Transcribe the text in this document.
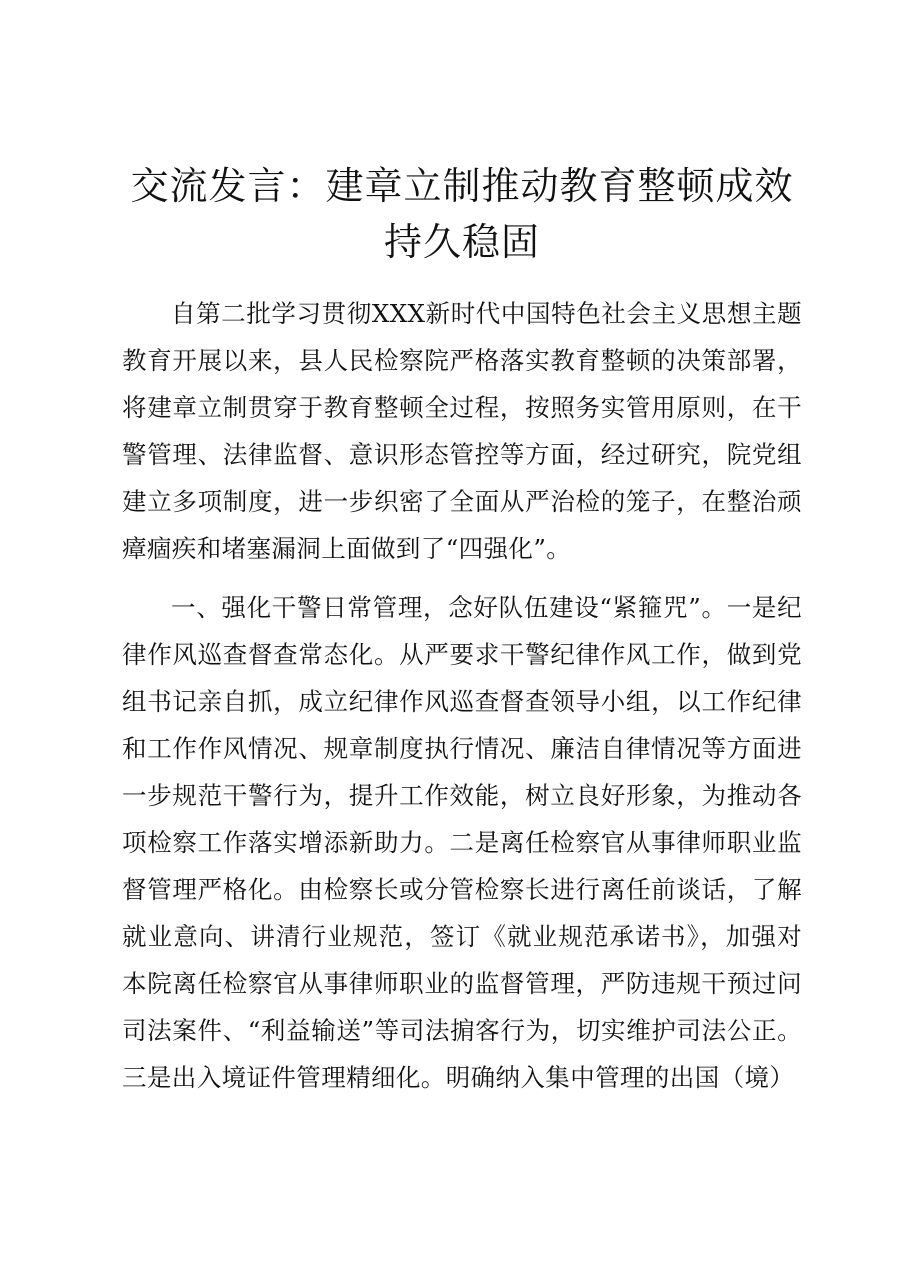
交流发言：建章立制推动教育整顿成效持久稳固

自第二批学习贯彻XXX新时代中国特色社会主义思想主题教育开展以来，县人民检察院严格落实教育整顿的决策部署，将建章立制贯穿于教育整顿全过程，按照务实管用原则，在干警管理、法律监督、意识形态管控等方面，经过研究，院党组建立多项制度，进一步织密了全面从严治检的笼子，在整治顽瘴痼疾和堵塞漏洞上面做到了“四强化”。

一、强化干警日常管理，念好队伍建设“紧箍咒”。一是纪律作风巡查督查常态化。从严要求干警纪律作风工作，做到党组书记亲自抓，成立纪律作风巡查督查领导小组，以工作纪律和工作作风情况、规章制度执行情况、廉洁自律情况等方面进一步规范干警行为，提升工作效能，树立良好形象，为推动各项检察工作落实增添新助力。二是离任检察官从事律师职业监督管理严格化。由检察长或分管检察长进行离任前谈话，了解就业意向、讲清行业规范，签订《就业规范承诺书》，加强对本院离任检察官从事律师职业的监督管理，严防违规干预过问司法案件、“利益输送”等司法掮客行为，切实维护司法公正。三是出入境证件管理精细化。明确纳入集中管理的出国（境）
